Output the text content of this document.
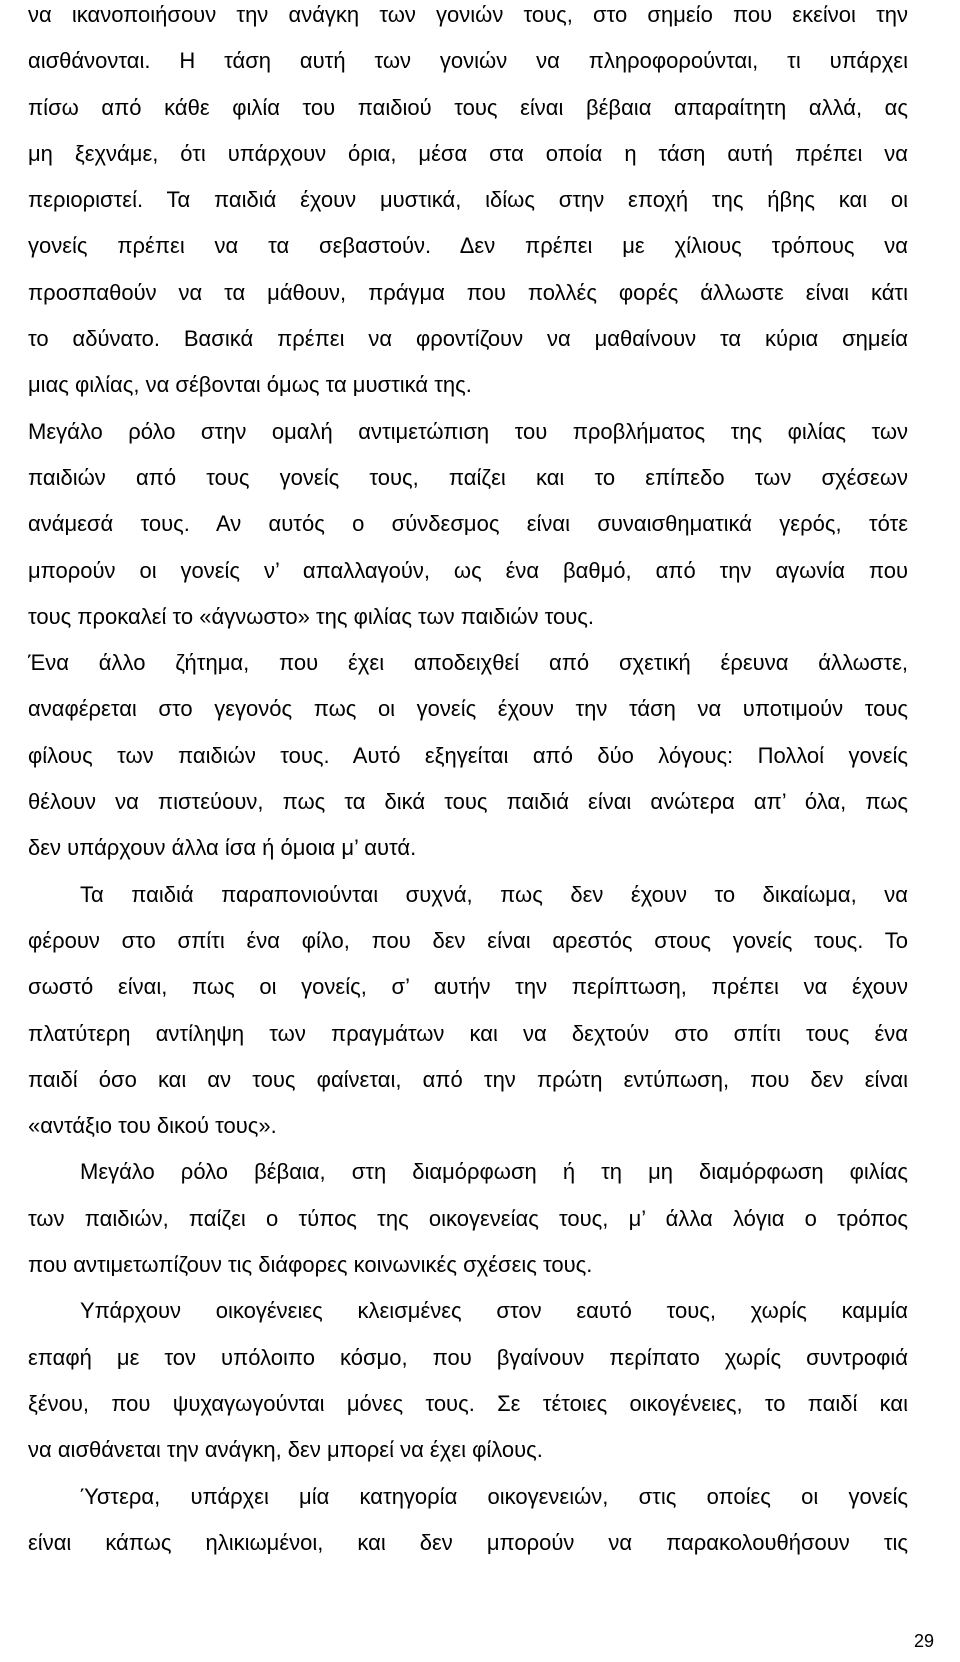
να ικανοποιήσουν την ανάγκη των γονιών τους, στο σημείο που εκείνοι την
αισθάνονται. Η τάση αυτή των γονιών να πληροφορούνται, τι υπάρχει
πίσω από κάθε φιλία του παιδιού τους είναι βέβαια απαραίτητη αλλά, ας
μη ξεχνάμε, ότι υπάρχουν όρια, μέσα στα οποία η τάση αυτή πρέπει να
περιοριστεί. Τα παιδιά έχουν μυστικά, ιδίως στην εποχή της ήβης και οι
γονείς πρέπει να τα σεβαστούν. Δεν πρέπει με χίλιους τρόπους να
προσπαθούν να τα μάθουν, πράγμα που πολλές φορές άλλωστε είναι κάτι
το αδύνατο. Βασικά πρέπει να φροντίζουν να μαθαίνουν τα κύρια σημεία
μιας φιλίας, να σέβονται όμως τα μυστικά της.
Μεγάλο ρόλο στην ομαλή αντιμετώπιση του προβλήματος της φιλίας των
παιδιών από τους γονείς τους, παίζει και το επίπεδο των σχέσεων
ανάμεσά τους. Αν αυτός ο σύνδεσμος είναι συναισθηματικά γερός, τότε
μπορούν οι γονείς ν’ απαλλαγούν, ως ένα βαθμό, από την αγωνία που
τους προκαλεί το «άγνωστο» της φιλίας των παιδιών τους.
Ένα άλλο ζήτημα, που έχει αποδειχθεί από σχετική έρευνα άλλωστε,
αναφέρεται στο γεγονός πως οι γονείς έχουν την τάση να υποτιμούν τους
φίλους των παιδιών τους. Αυτό εξηγείται από δύο λόγους: Πολλοί γονείς
θέλουν να πιστεύουν, πως τα δικά τους παιδιά είναι ανώτερα απ’ όλα, πως
δεν υπάρχουν άλλα ίσα ή όμοια μ’ αυτά.
Τα παιδιά παραπονιούνται συχνά, πως δεν έχουν το δικαίωμα, να
φέρουν στο σπίτι ένα φίλο, που δεν είναι αρεστός στους γονείς τους. Το
σωστό είναι, πως οι γονείς, σ’ αυτήν την περίπτωση, πρέπει να έχουν
πλατύτερη αντίληψη των πραγμάτων και να δεχτούν στο σπίτι τους ένα
παιδί όσο και αν τους φαίνεται, από την πρώτη εντύπωση, που δεν είναι
«αντάξιο του δικού τους».
Μεγάλο ρόλο βέβαια, στη διαμόρφωση ή τη μη διαμόρφωση φιλίας
των παιδιών, παίζει ο τύπος της οικογενείας τους, μ’ άλλα λόγια ο τρόπος
που αντιμετωπίζουν τις διάφορες κοινωνικές σχέσεις τους.
Υπάρχουν οικογένειες κλεισμένες στον εαυτό τους, χωρίς καμμία
επαφή με τον υπόλοιπο κόσμο, που βγαίνουν περίπατο χωρίς συντροφιά
ξένου, που ψυχαγωγούνται μόνες τους. Σε τέτοιες οικογένειες, το παιδί και
να αισθάνεται την ανάγκη, δεν μπορεί να έχει φίλους.
Ύστερα, υπάρχει μία κατηγορία οικογενειών, στις οποίες οι γονείς
είναι κάπως ηλικιωμένοι, και δεν μπορούν να παρακολουθήσουν τις
29
